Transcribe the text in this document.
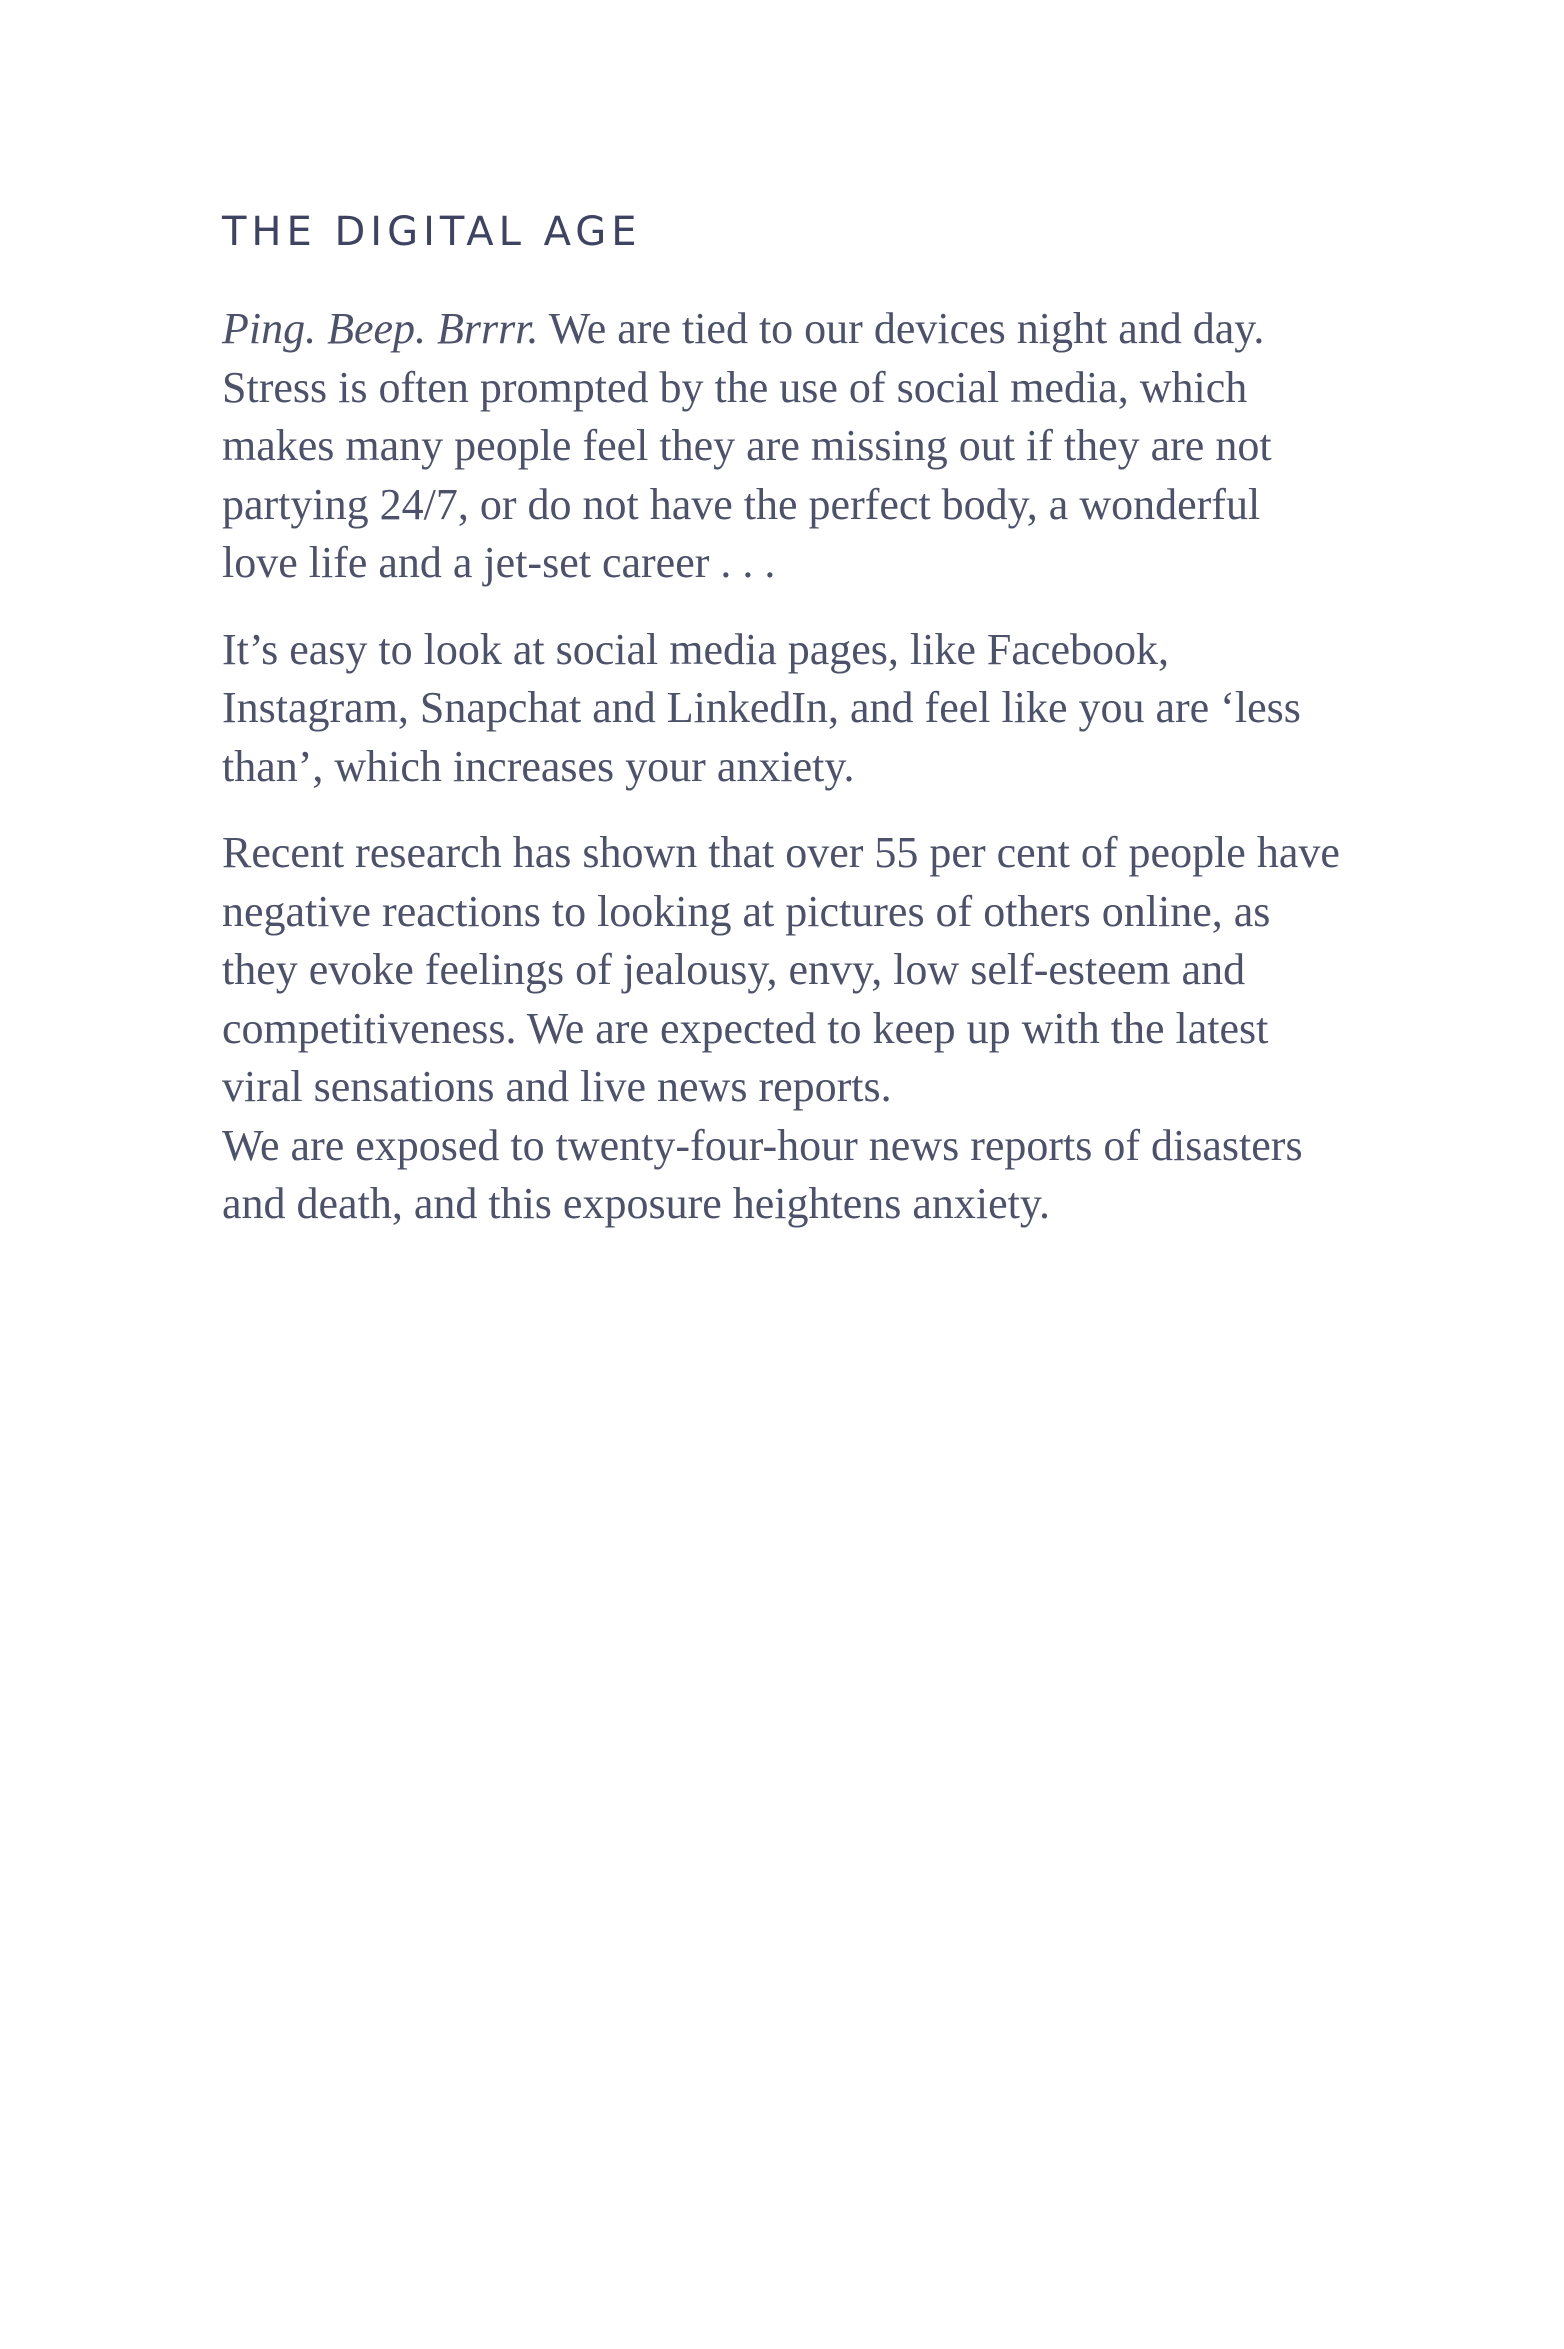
THE DIGITAL AGE

Ping. Beep. Brrrr. We are tied to our devices night and day. Stress is often prompted by the use of social media, which makes many people feel they are missing out if they are not partying 24/7, or do not have the perfect body, a wonderful love life and a jet-set career . . .

It’s easy to look at social media pages, like Facebook, Instagram, Snapchat and LinkedIn, and feel like you are ‘less than’, which increases your anxiety.

Recent research has shown that over 55 per cent of people have negative reactions to looking at pictures of others online, as they evoke feelings of jealousy, envy, low self-esteem and competitiveness. We are expected to keep up with the latest viral sensations and live news reports.
We are exposed to twenty-four-hour news reports of disasters and death, and this exposure heightens anxiety.
